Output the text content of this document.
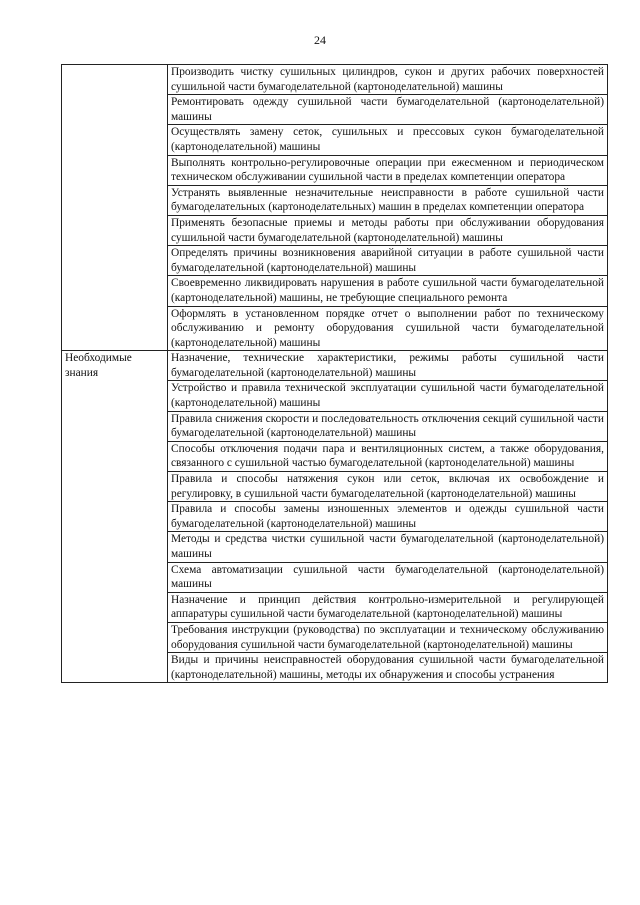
24
	Производить чистку сушильных цилиндров, сукон и других рабочих поверхностей сушильной части бумагоделательной (картоноделательной) машины
	Ремонтировать одежду сушильной части бумагоделательной (картоноделательной) машины
	Осуществлять замену сеток, сушильных и прессовых сукон бумагоделательной (картоноделательной) машины
	Выполнять контрольно-регулировочные операции при ежесменном и периодическом техническом обслуживании сушильной части в пределах компетенции оператора
	Устранять выявленные незначительные неисправности в работе сушильной части бумагоделательных (картоноделательных) машин в пределах компетенции оператора
	Применять безопасные приемы и методы работы при обслуживании оборудования сушильной части бумагоделательной (картоноделательной) машины
	Определять причины возникновения аварийной ситуации в работе сушильной части бумагоделательной (картоноделательной) машины
	Своевременно ликвидировать нарушения в работе сушильной части бумагоделательной (картоноделательной) машины, не требующие специального ремонта
	Оформлять в установленном порядке отчет о выполнении работ по техническому обслуживанию и ремонту оборудования сушильной части бумагоделательной (картоноделательной) машины
Необходимые знания	Назначение, технические характеристики, режимы работы сушильной части бумагоделательной (картоноделательной) машины
	Устройство и правила технической эксплуатации сушильной части бумагоделательной (картоноделательной) машины
	Правила снижения скорости и последовательность отключения секций сушильной части бумагоделательной (картоноделательной) машины
	Способы отключения подачи пара и вентиляционных систем, а также оборудования, связанного с сушильной частью бумагоделательной (картоноделательной) машины
	Правила и способы натяжения сукон или сеток, включая их освобождение и регулировку, в сушильной части бумагоделательной (картоноделательной) машины
	Правила и способы замены изношенных элементов и одежды сушильной части бумагоделательной (картоноделательной) машины
	Методы и средства чистки сушильной части бумагоделательной (картоноделательной) машины
	Схема автоматизации сушильной части бумагоделательной (картоноделательной) машины
	Назначение и принцип действия контрольно-измерительной и регулирующей аппаратуры сушильной части бумагоделательной (картоноделательной) машины
	Требования инструкции (руководства) по эксплуатации и техническому обслуживанию оборудования сушильной части бумагоделательной (картоноделательной) машины
	Виды и причины неисправностей оборудования сушильной части бумагоделательной (картоноделательной) машины, методы их обнаружения и способы устранения
